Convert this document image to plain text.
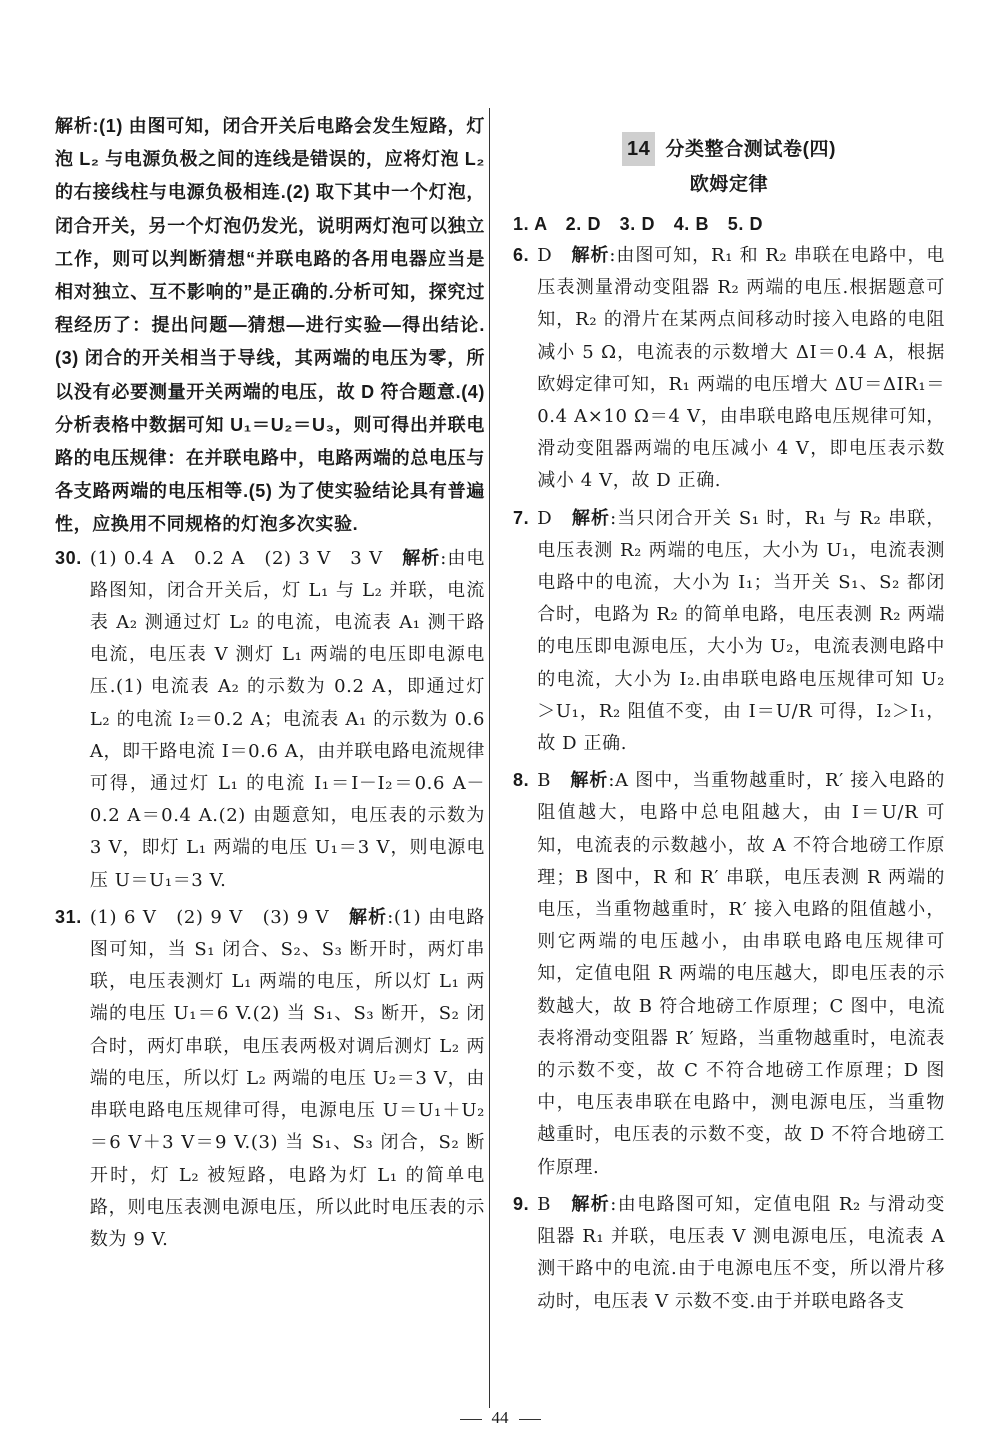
解析:(1) 由图可知，闭合开关后电路会发生短路，灯泡 L₂ 与电源负极之间的连线是错误的，应将灯泡 L₂ 的右接线柱与电源负极相连.(2) 取下其中一个灯泡，闭合开关，另一个灯泡仍发光，说明两灯泡可以独立工作，则可以判断猜想“并联电路的各用电器应当是相对独立、互不影响的”是正确的.分析可知，探究过程经历了：提出问题—猜想—进行实验—得出结论.(3) 闭合的开关相当于导线，其两端的电压为零，所以没有必要测量开关两端的电压，故 D 符合题意.(4) 分析表格中数据可知 U₁＝U₂＝U₃，则可得出并联电路的电压规律：在并联电路中，电路两端的总电压与各支路两端的电压相等.(5) 为了使实验结论具有普遍性，应换用不同规格的灯泡多次实验.

30. (1) 0.4 A　0.2 A　(2) 3 V　3 V　解析:由电路图知，闭合开关后，灯 L₁ 与 L₂ 并联，电流表 A₂ 测通过灯 L₂ 的电流，电流表 A₁ 测干路电流，电压表 V 测灯 L₁ 两端的电压即电源电压.(1) 电流表 A₂ 的示数为 0.2 A，即通过灯 L₂ 的电流 I₂＝0.2 A；电流表 A₁ 的示数为 0.6 A，即干路电流 I＝0.6 A，由并联电路电流规律可得，通过灯 L₁ 的电流 I₁＝I－I₂＝0.6 A－0.2 A＝0.4 A.(2) 由题意知，电压表的示数为 3 V，即灯 L₁ 两端的电压 U₁＝3 V，则电源电压 U＝U₁＝3 V.
31. (1) 6 V　(2) 9 V　(3) 9 V　解析:(1) 由电路图可知，当 S₁ 闭合、S₂、S₃ 断开时，两灯串联，电压表测灯 L₁ 两端的电压，所以灯 L₁ 两端的电压 U₁＝6 V.(2) 当 S₁、S₃ 断开，S₂ 闭合时，两灯串联，电压表两极对调后测灯 L₂ 两端的电压，所以灯 L₂ 两端的电压 U₂＝3 V，由串联电路电压规律可得，电源电压 U＝U₁＋U₂＝6 V＋3 V＝9 V.(3) 当 S₁、S₃ 闭合，S₂ 断开时，灯 L₂ 被短路，电路为灯 L₁ 的简单电路，则电压表测电源电压，所以此时电压表的示数为 9 V.

14 分类整合测试卷(四)

欧姆定律

1. A　2. D　3. D　4. B　5. D

6. D　解析:由图可知，R₁ 和 R₂ 串联在电路中，电压表测量滑动变阻器 R₂ 两端的电压.根据题意可知，R₂ 的滑片在某两点间移动时接入电路的电阻减小 5 Ω，电流表的示数增大 ΔI＝0.4 A，根据欧姆定律可知，R₁ 两端的电压增大 ΔU＝ΔIR₁＝0.4 A×10 Ω＝4 V，由串联电路电压规律可知，滑动变阻器两端的电压减小 4 V，即电压表示数减小 4 V，故 D 正确.
7. D　解析:当只闭合开关 S₁ 时，R₁ 与 R₂ 串联，电压表测 R₂ 两端的电压，大小为 U₁，电流表测电路中的电流，大小为 I₁；当开关 S₁、S₂ 都闭合时，电路为 R₂ 的简单电路，电压表测 R₂ 两端的电压即电源电压，大小为 U₂，电流表测电路中的电流，大小为 I₂.由串联电路电压规律可知 U₂＞U₁，R₂ 阻值不变，由 I＝U/R 可得，I₂＞I₁，故 D 正确.
8. B　解析:A 图中，当重物越重时，R′ 接入电路的阻值越大，电路中总电阻越大，由 I＝U/R 可知，电流表的示数越小，故 A 不符合地磅工作原理；B 图中，R 和 R′ 串联，电压表测 R 两端的电压，当重物越重时，R′ 接入电路的阻值越小，则它两端的电压越小，由串联电路电压规律可知，定值电阻 R 两端的电压越大，即电压表的示数越大，故 B 符合地磅工作原理；C 图中，电流表将滑动变阻器 R′ 短路，当重物越重时，电流表的示数不变，故 C 不符合地磅工作原理；D 图中，电压表串联在电路中，测电源电压，当重物越重时，电压表的示数不变，故 D 不符合地磅工作原理.
9. B　解析:由电路图可知，定值电阻 R₂ 与滑动变阻器 R₁ 并联，电压表 V 测电源电压，电流表 A 测干路中的电流.由于电源电压不变，所以滑片移动时，电压表 V 示数不变.由于并联电路各支
44
